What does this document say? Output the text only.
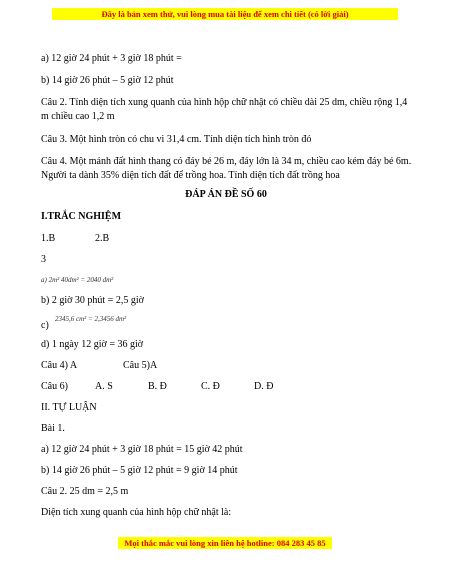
Đây là bản xem thử, vui lòng mua tài liệu để xem chi tiết (có lời giải)
a) 12 giờ 24 phút + 3 giờ 18 phút =
b) 14 giờ 26 phút – 5 giờ 12 phút
Câu 2. Tính diện tích xung quanh của hình hộp chữ nhật có chiều dài 25 dm, chiều rộng 1,4 m chiều cao 1,2 m
Câu 3. Một hình tròn có chu vi 31,4 cm. Tính diện tích hình tròn đó
Câu 4. Một mảnh đất hình thang có đáy bé 26 m, đáy lớn là 34 m, chiều cao kém đáy bé 6m. Người ta dành 35% diện tích đất để trồng hoa. Tính diện tích đất trồng hoa
ĐÁP ÁN ĐỀ SỐ 60
I.TRẮC NGHIỆM
1.B	2.B
3
a) 2m² 40dm² = 2040 dm²
b) 2 giờ 30 phút = 2,5 giờ
c)
2345,6 cm² = 2,3456 dm²
d) 1 ngày 12 giờ = 36 giờ
Câu 4) A	Câu 5)A
Câu 6)	A. S	B. Đ	C. Đ	D. Đ
II. TỰ LUẬN
Bài 1.
a) 12 giờ 24 phút + 3 giờ 18 phút = 15 giờ 42 phút
b) 14 giờ 26 phút – 5 giờ 12 phút = 9 giờ 14 phút
Câu 2. 25 dm = 2,5 m
Diện tích xung quanh của hình hộp chữ nhật là:
Mọi thắc mắc vui lòng xin liên hệ hotline: 084 283 45 85
